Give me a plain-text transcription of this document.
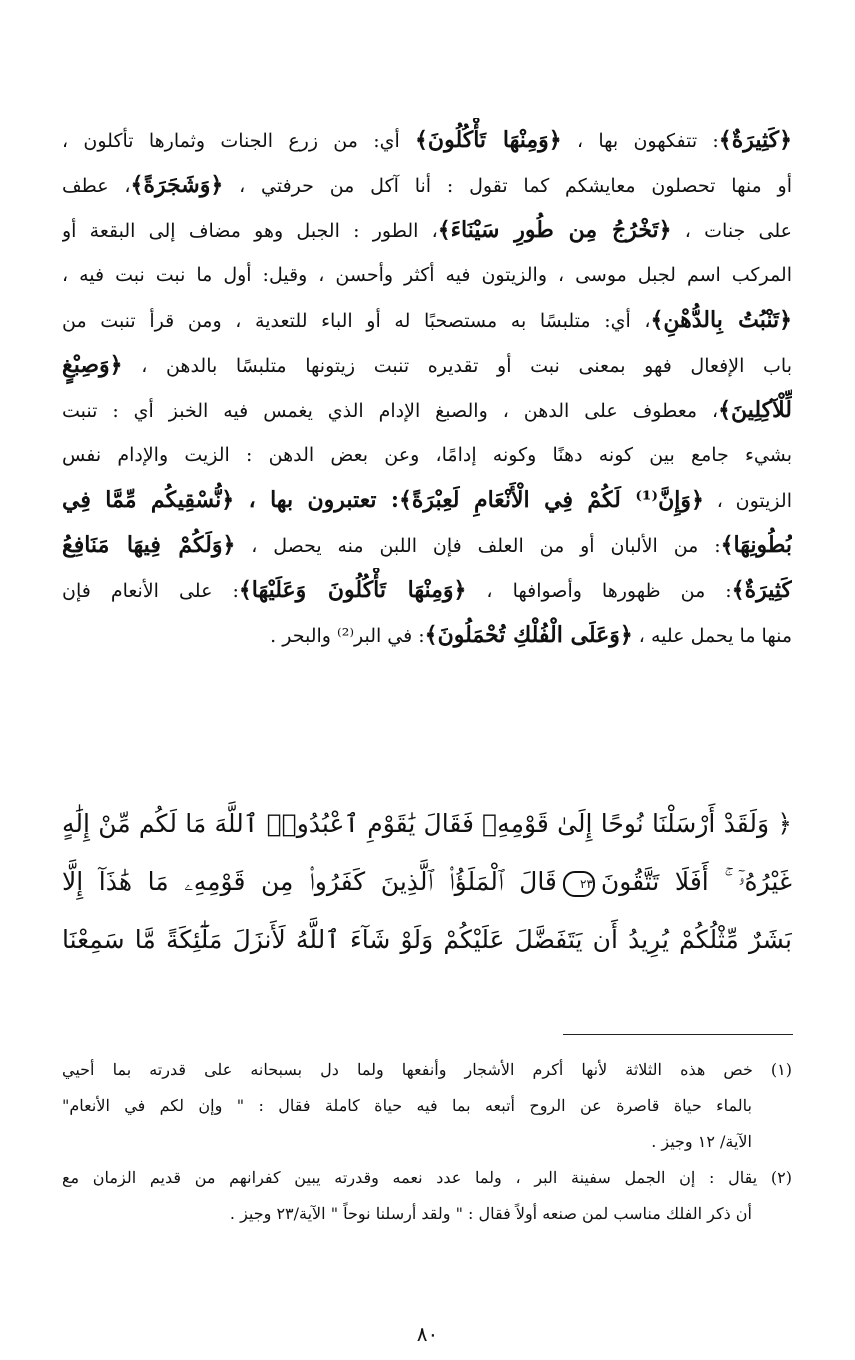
﴿كَثِيرَةٌ﴾: تتفكهون بها ، ﴿وَمِنْهَا تَأْكُلُونَ﴾ أي: من زرع الجنات وثمارها تأكلون ،
أو منها تحصلون معايشكم كما تقول : أنا آكل من حرفتي ، ﴿وَشَجَرَةً﴾، عطف
على جنات ، ﴿تَخْرُجُ مِن طُورِ سَيْنَاءَ﴾، الطور : الجبل وهو مضاف إلى البقعة أو
المركب اسم لجبل موسى ، والزيتون فيه أكثر وأحسن ، وقيل: أول ما نبت نبت فيه ،
﴿تَنْبُتُ بِالدُّهْنِ﴾، أي: متلبسًا به مستصحبًا له أو الباء للتعدية ، ومن قرأ تنبت من
باب الإفعال فهو بمعنى نبت أو تقديره تنبت زيتونها متلبسًا بالدهن ، ﴿وَصِبْغٍ
لِّلْآكِلِينَ﴾، معطوف على الدهن ، والصبغ الإدام الذي يغمس فيه الخبز أي : تنبت
بشيء جامع بين كونه دهنًا وكونه إدامًا، وعن بعض الدهن : الزيت والإدام نفس
الزيتون ، ﴿وَإِنَّ⁽¹⁾ لَكُمْ فِي الْأَنْعَامِ لَعِبْرَةً﴾: تعتبرون بها ، ﴿نُّسْقِيكُم مِّمَّا فِي
بُطُونِهَا﴾: من الألبان أو من العلف فإن اللبن منه يحصل ، ﴿وَلَكُمْ فِيهَا مَنَافِعُ
كَثِيرَةٌ﴾: من ظهورها وأصوافها ، ﴿وَمِنْهَا تَأْكُلُونَ وَعَلَيْهَا﴾: على الأنعام فإن
منها ما يحمل عليه ، ﴿وَعَلَى الْفُلْكِ تُحْمَلُونَ﴾: في البر⁽²⁾ والبحر .
﴿ وَلَقَدْ أَرْسَلْنَا نُوحًا إِلَىٰ قَوْمِهِۦ فَقَالَ يَٰقَوْمِ ٱعْبُدُوا۟ ٱللَّهَ مَا لَكُم مِّنْ إِلَٰهٍ
غَيْرُهُۥٓ ۚ أَفَلَا تَتَّقُونَ٢٣قَالَ ٱلْمَلَؤُا۟ ٱلَّذِينَ كَفَرُوا۟ مِن قَوْمِهِۦ مَا هَٰذَآ إِلَّا
بَشَرٌ مِّثْلُكُمْ يُرِيدُ أَن يَتَفَضَّلَ عَلَيْكُمْ وَلَوْ شَآءَ ٱللَّهُ لَأَنزَلَ مَلَٰٓئِكَةً مَّا سَمِعْنَا
(١) خص هذه الثلاثة لأنها أكرم الأشجار وأنفعها ولما دل بسبحانه على قدرته بما أحيي
بالماء حياة قاصرة عن الروح أتبعه بما فيه حياة كاملة فقال : " وإن لكم في الأنعام"
الآية/ ١٢ وجيز .
(٢) يقال : إن الجمل سفينة البر ، ولما عدد نعمه وقدرته يبين كفرانهم من قديم الزمان مع
أن ذكر الفلك مناسب لمن صنعه أولاً فقال : " ولقد أرسلنا نوحاً " الآية/٢٣ وجيز .
٨٠
